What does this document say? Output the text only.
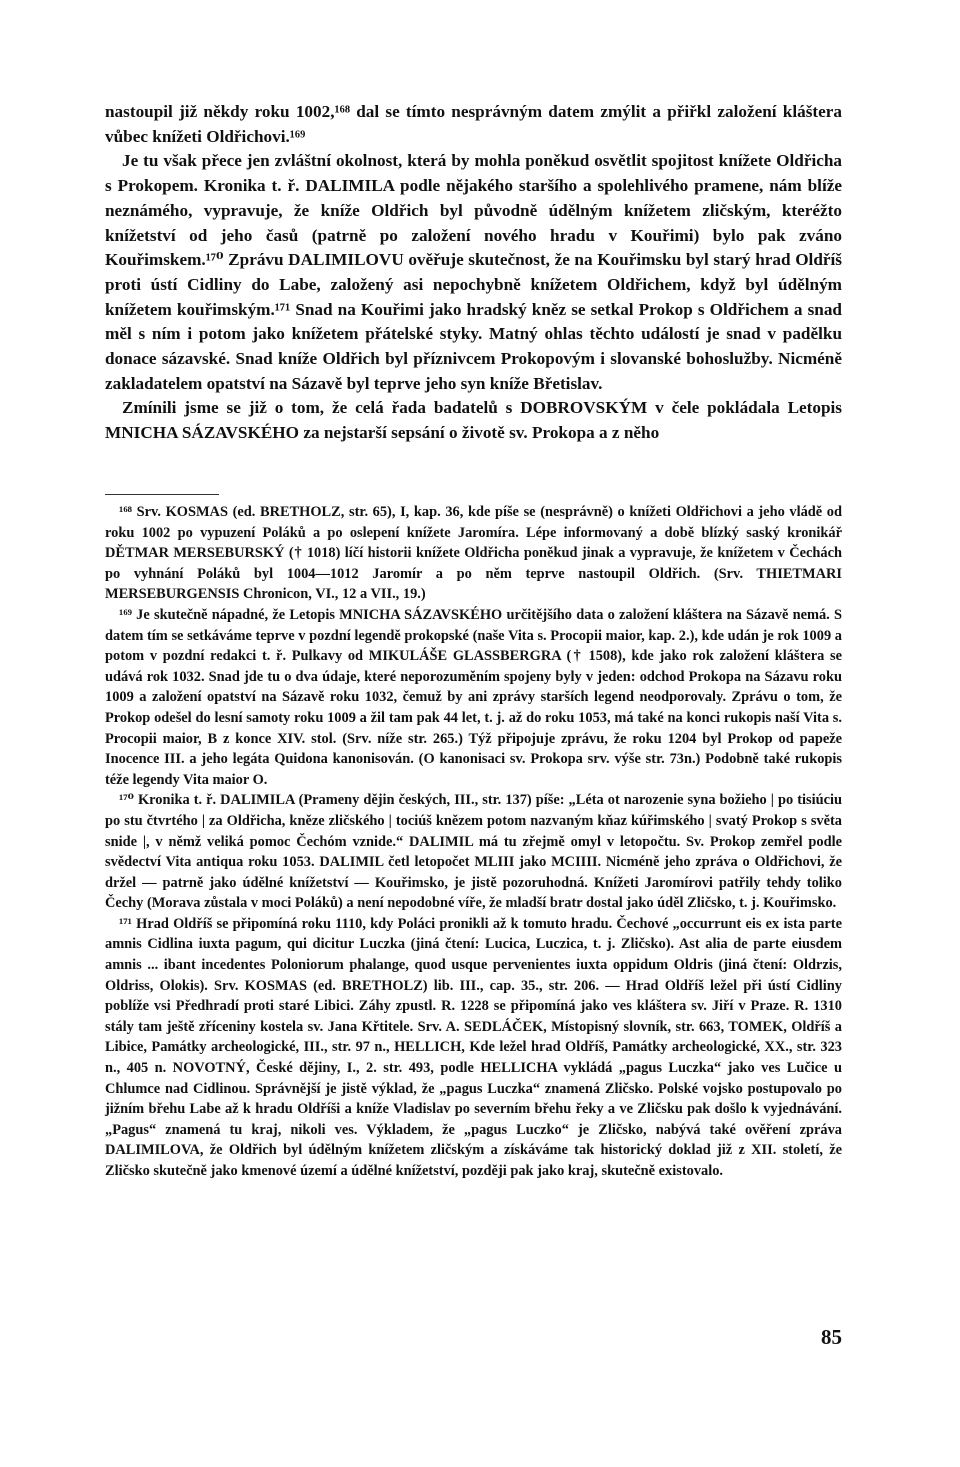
nastoupil již někdy roku 1002,¹⁶⁸ dal se tímto nesprávným datem zmýlit a přiřkl založení kláštera vůbec knížeti Oldřichovi.¹⁶⁹

Je tu však přece jen zvláštní okolnost, která by mohla poněkud osvětlit spojitost knížete Oldřicha s Prokopem. Kronika t. ř. DALIMILA podle nějakého staršího a spolehlivého pramene, nám blíže neznámého, vypravuje, že kníže Oldřich byl původně údělným knížetem zličským, kteréžto knížetství od jeho časů (patrně po založení nového hradu v Kouřimi) bylo pak zváno Kouřimskem.¹⁷⁰ Zprávu DALIMILOVU ověřuje skutečnost, že na Kouřimsku byl starý hrad Oldříš proti ústí Cidliny do Labe, založený asi nepochybně knížetem Oldřichem, když byl údělným knížetem kouřimským.¹⁷¹ Snad na Kouřimi jako hradský kněz se setkal Prokop s Oldřichem a snad měl s ním i potom jako knížetem přátelské styky. Matný ohlas těchto událostí je snad v padělku donace sázavské. Snad kníže Oldřich byl příznivcem Prokopovým i slovanské bohoslužby. Nicméně zakladatelem opatství na Sázavě byl teprve jeho syn kníže Břetislav.

Zmínili jsme se již o tom, že celá řada badatelů s DOBROVSKÝM v čele pokládala Letopis MNICHA SÁZAVSKÉHO za nejstarší sepsání o životě sv. Prokopa a z něho

¹⁶⁸ Srv. KOSMAS (ed. BRETHOLZ, str. 65), I, kap. 36, kde píše se (nesprávně) o knížeti Oldřichovi a jeho vládě od roku 1002 po vypuzení Poláků a po oslepení knížete Jaromíra. Lépe informovaný a době blízký saský kronikář DĚTMAR MERSEBURSKÝ († 1018) líčí historii knížete Oldřicha poněkud jinak a vypravuje, že knížetem v Čechách po vyhnání Poláků byl 1004—1012 Jaromír a po něm teprve nastoupil Oldřich. (Srv. THIETMARI MERSEBURGENSIS Chronicon, VI., 12 a VII., 19.)

¹⁶⁹ Je skutečně nápadné, že Letopis MNICHA SÁZAVSKÉHO určitějšího data o založení kláštera na Sázavě nemá. S datem tím se setkáváme teprve v pozdní legendě prokopské (naše Vita s. Procopii maior, kap. 2.), kde udán je rok 1009 a potom v pozdní redakci t. ř. Pulkavy od MIKULÁŠE GLASSBERGRA († 1508), kde jako rok založení kláštera se udává rok 1032. Snad jde tu o dva údaje, které neporozuměním spojeny byly v jeden: odchod Prokopa na Sázavu roku 1009 a založení opatství na Sázavě roku 1032, čemuž by ani zprávy starších legend neodporovaly. Zprávu o tom, že Prokop odešel do lesní samoty roku 1009 a žil tam pak 44 let, t. j. až do roku 1053, má také na konci rukopis naší Vita s. Procopii maior, B z konce XIV. stol. (Srv. níže str. 265.) Týž připojuje zprávu, že roku 1204 byl Prokop od papeže Inocence III. a jeho legáta Quidona kanonisován. (O kanonisaci sv. Prokopa srv. výše str. 73n.) Podobně také rukopis téže legendy Vita maior O.

¹⁷⁰ Kronika t. ř. DALIMILA (Prameny dějin českých, III., str. 137) píše: „Léta ot narozenie syna božieho | po tisiúciu po stu čtvrtého | za Oldřicha, kněze zličského | tociúš knězem potom nazvaným kňaz kúřimského | svatý Prokop s světa snide |, v němž veliká pomoc Čechóm vznide.“ DALIMIL má tu zřejmě omyl v letopočtu. Sv. Prokop zemřel podle svědectví Vita antiqua roku 1053. DALIMIL četl letopočet MLIII jako MCIIII. Nicméně jeho zpráva o Oldřichovi, že držel — patrně jako údělné knížetství — Kouřimsko, je jistě pozoruhodná. Knížeti Jaromírovi patřily tehdy toliko Čechy (Morava zůstala v moci Poláků) a není nepodobné víře, že mladší bratr dostal jako úděl Zličsko, t. j. Kouřimsko.

¹⁷¹ Hrad Oldříš se připomíná roku 1110, kdy Poláci pronikli až k tomuto hradu. Čechové „occurrunt eis ex ista parte amnis Cidlina iuxta pagum, qui dicitur Luczka (jiná čtení: Lucica, Luczica, t. j. Zličsko). Ast alia de parte eiusdem amnis ... ibant incedentes Poloniorum phalange, quod usque pervenientes iuxta oppidum Oldris (jiná čtení: Oldrzis, Oldriss, Olokis). Srv. KOSMAS (ed. BRETHOLZ) lib. III., cap. 35., str. 206. — Hrad Oldříš ležel při ústí Cidliny poblíže vsi Předhradí proti staré Libici. Záhy zpustl. R. 1228 se připomíná jako ves kláštera sv. Jiří v Praze. R. 1310 stály tam ještě zříceniny kostela sv. Jana Křtitele. Srv. A. SEDLÁČEK, Místopisný slovník, str. 663, TOMEK, Oldříš a Libice, Památky archeologické, III., str. 97 n., HELLICH, Kde ležel hrad Oldříš, Památky archeologické, XX., str. 323 n., 405 n. NOVOTNÝ, České dějiny, I., 2. str. 493, podle HELLICHA vykládá „pagus Luczka“ jako ves Lučice u Chlumce nad Cidlinou. Správnější je jistě výklad, že „pagus Luczka“ znamená Zličsko. Polské vojsko postupovalo po jižním břehu Labe až k hradu Oldříši a kníže Vladislav po severním břehu řeky a ve Zličsku pak došlo k vyjednávání. „Pagus“ znamená tu kraj, nikoli ves. Výkladem, že „pagus Luczko“ je Zličsko, nabývá také ověření zpráva DALIMILOVA, že Oldřich byl údělným knížetem zličským a získáváme tak historický doklad již z XII. století, že Zličsko skutečně jako kmenové území a údělné knížetství, později pak jako kraj, skutečně existovalo.

85
